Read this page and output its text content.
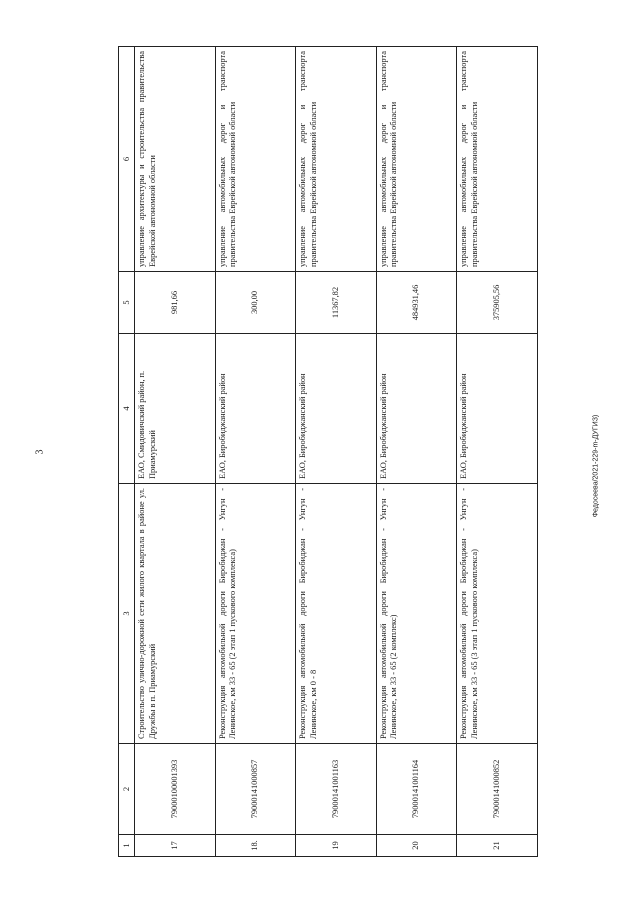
3	Федосеева/2021-229-m-ДУГИЗ)
1	2	3	4	5	6
17	79000100001393	Строительство улично-дорожной сети жилого квартала в районе ул. Дружбы в п. Приамурский	ЕАО, Смидовичский район, п. Приамурский	981,66	управление архитектуры и строительства правительства Еврейской автономной области
18.	79000141000857	Реконструкция автомобильной дороги Биробиджан - Унгун - Ленинское, км 33 - 65 (2 этап 1 пускового комплекса)	ЕАО, Биробиджанский район	300,00	управление автомобильных дорог и транспорта правительства Еврейской автономной области
19	79000141001163	Реконструкция автомобильной дороги Биробиджан - Унгун - Ленинское, км 0 - 8	ЕАО, Биробиджанский район	11367,82	управление автомобильных дорог и транспорта правительства Еврейской автономной области
20	79000141001164	Реконструкция автомобильной дороги Биробиджан - Унгун - Ленинское, км 33 - 65 (2 комплекс)	ЕАО, Биробиджанский район	484931,46	управление автомобильных дорог и транспорта правительства Еврейской автономной области
21	79000141000852	Реконструкция автомобильной дороги Биробиджан - Унгун - Ленинское, км 33 - 65 (3 этап 1 пускового комплекса)	ЕАО, Биробиджанский район	375905,56	управление автомобильных дорог и транспорта правительства Еврейской автономной области
